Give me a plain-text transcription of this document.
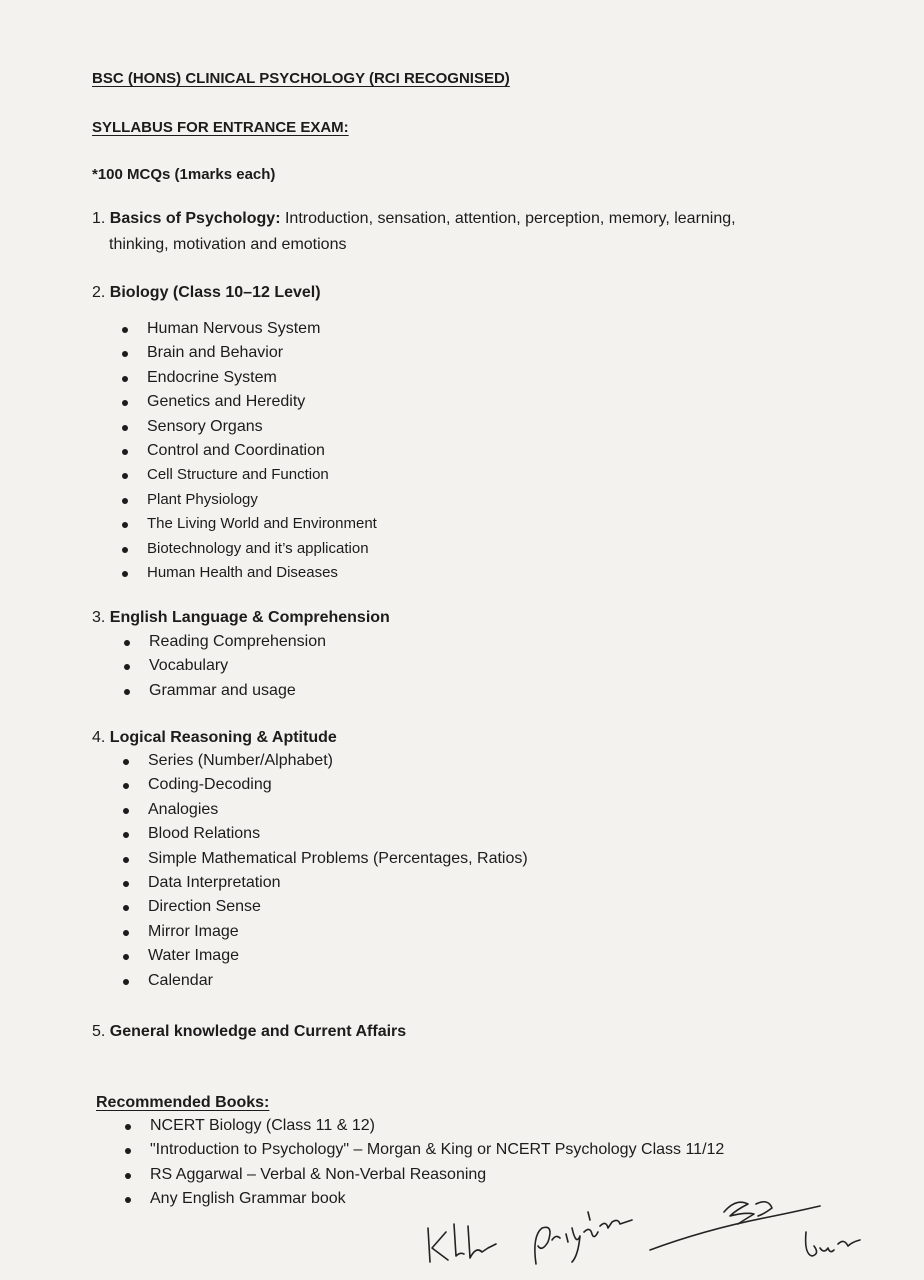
BSC (HONS) CLINICAL PSYCHOLOGY (RCI RECOGNISED)
SYLLABUS FOR ENTRANCE EXAM:
*100 MCQs (1marks each)
1. Basics of Psychology: Introduction, sensation, attention, perception, memory, learning,
thinking, motivation and emotions
2. Biology (Class 10–12 Level)
Human Nervous System
Brain and Behavior
Endocrine System
Genetics and Heredity
Sensory Organs
Control and Coordination
Cell Structure and Function
Plant Physiology
The Living World and Environment
Biotechnology and it’s application
Human Health and Diseases
3. English Language & Comprehension
Reading Comprehension
Vocabulary
Grammar and usage
4. Logical Reasoning & Aptitude
Series (Number/Alphabet)
Coding-Decoding
Analogies
Blood Relations
Simple Mathematical Problems (Percentages, Ratios)
Data Interpretation
Direction Sense
Mirror Image
Water Image
Calendar
5. General knowledge and Current Affairs
Recommended Books:
NCERT Biology (Class 11 & 12)
"Introduction to Psychology" – Morgan & King or NCERT Psychology Class 11/12
RS Aggarwal – Verbal & Non-Verbal Reasoning
Any English Grammar book
